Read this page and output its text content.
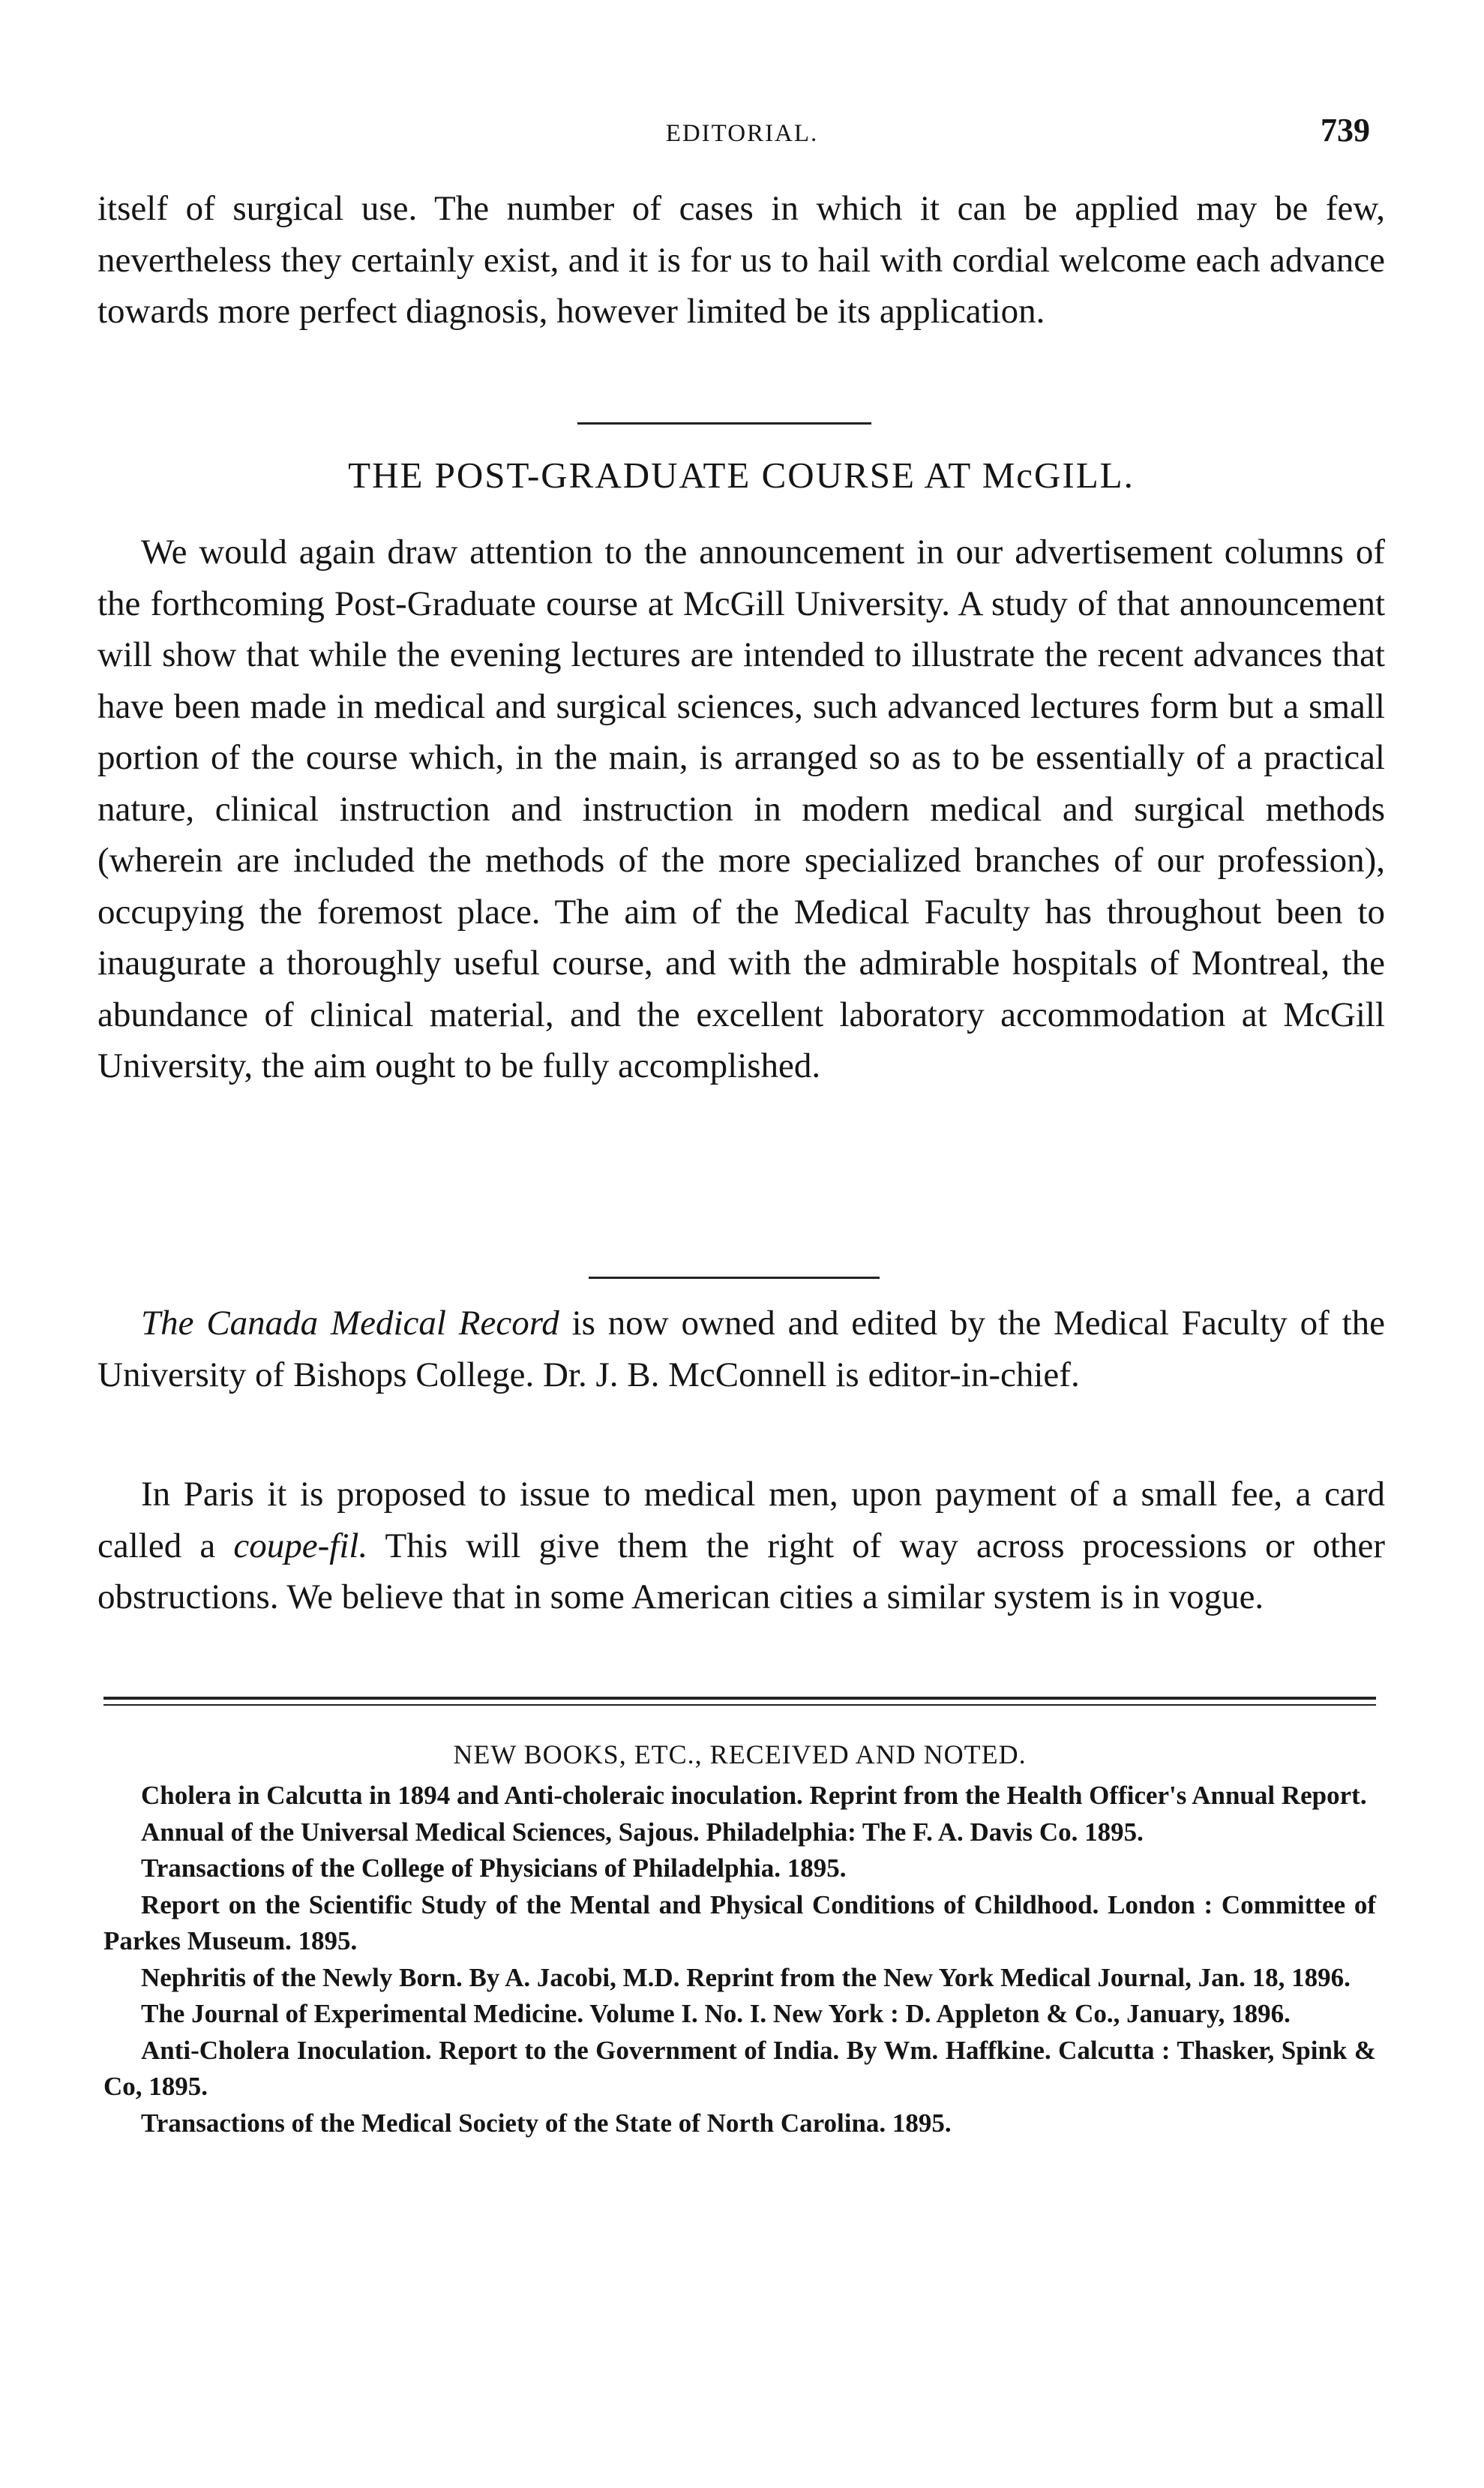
EDITORIAL.	739

itself of surgical use. The number of cases in which it can be applied may be few, nevertheless they certainly exist, and it is for us to hail with cordial welcome each advance towards more perfect diagnosis, however limited be its application.

THE POST-GRADUATE COURSE AT McGILL.

We would again draw attention to the announcement in our advertisement columns of the forthcoming Post-Graduate course at McGill University. A study of that announcement will show that while the evening lectures are intended to illustrate the recent advances that have been made in medical and surgical sciences, such advanced lectures form but a small portion of the course which, in the main, is arranged so as to be essentially of a practical nature, clinical instruction and instruction in modern medical and surgical methods (wherein are included the methods of the more specialized branches of our profession), occupying the foremost place. The aim of the Medical Faculty has throughout been to inaugurate a thoroughly useful course, and with the admirable hospitals of Montreal, the abundance of clinical material, and the excellent laboratory accommodation at McGill University, the aim ought to be fully accomplished.

The Canada Medical Record is now owned and edited by the Medical Faculty of the University of Bishops College. Dr. J. B. McConnell is editor-in-chief.

In Paris it is proposed to issue to medical men, upon payment of a small fee, a card called a coupe-fil. This will give them the right of way across processions or other obstructions. We believe that in some American cities a similar system is in vogue.

NEW BOOKS, ETC., RECEIVED AND NOTED.
Cholera in Calcutta in 1894 and Anti-choleraic inoculation. Reprint from the Health Officer's Annual Report.
Annual of the Universal Medical Sciences, Sajous. Philadelphia: The F. A. Davis Co. 1895.
Transactions of the College of Physicians of Philadelphia. 1895.
Report on the Scientific Study of the Mental and Physical Conditions of Childhood. London : Committee of Parkes Museum. 1895.
Nephritis of the Newly Born. By A. Jacobi, M.D. Reprint from the New York Medical Journal, Jan. 18, 1896.
The Journal of Experimental Medicine. Volume I. No. I. New York : D. Appleton & Co., January, 1896.
Anti-Cholera Inoculation. Report to the Government of India. By Wm. Haffkine. Calcutta : Thasker, Spink & Co, 1895.
Transactions of the Medical Society of the State of North Carolina. 1895.
